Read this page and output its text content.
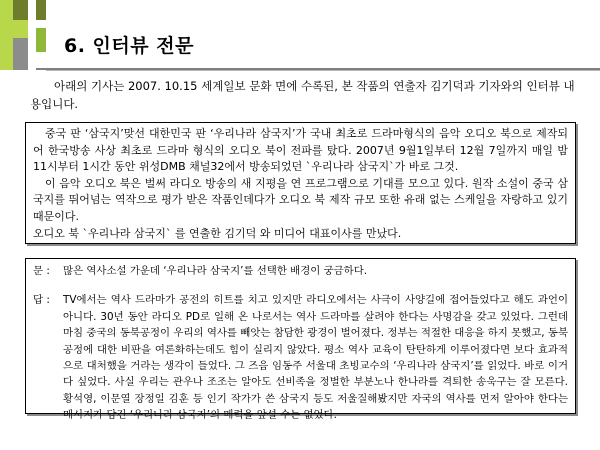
6. 인터뷰 전문
아래의 기사는 2007. 10.15 세계일보 문화 면에 수록된, 본 작품의 연출자 김기덕과 기자와의 인터뷰 내용입니다.

중국 판 ‘삼국지’맞선 대한민국 판 ‘우리나라 삼국지’가 국내 최초로 드라마형식의 음악 오디오 북으로 제작되어 한국방송 사상 최초로 드라마 형식의 오디오 북이 전파를 탔다. 2007년 9월1일부터 12월 7일까지 매일 밤 11시부터 1시간 동안 위성DMB 채널32에서 방송되었던 `우리나라 삼국지`가 바로 그것.

이 음악 오디오 북은 벌써 라디오 방송의 새 지평을 연 프로그램으로 기대를 모으고 있다. 원작 소설이 중국 삼국지를 뛰어넘는 역작으로 평가 받은 작품인데다가 오디오 북 제작 규모 또한 유래 없는 스케일을 자랑하고 있기 때문이다.

오디오 북 `우리나라 삼국지` 를 연출한 김기덕 와 미디어 대표이사를 만났다.

문 :	많은 역사소설 가운데 ‘우리나라 삼국지’를 선택한 배경이 궁금하다.
답 :	TV에서는 역사 드라마가 공전의 히트를 치고 있지만 라디오에서는 사극이 사양길에 접어들었다고 해도 과언이 아니다. 30년 동안 라디오 PD로 일해 온 나로서는 역사 드라마를 살려야 한다는 사명감을 갖고 있었다. 그런데 마침 중국의 동북공정이 우리의 역사를 빼앗는 참담한 광경이 벌어졌다. 정부는 적절한 대응을 하지 못했고, 동북공정에 대한 비판을 여론화하는데도 힘이 실리지 않았다. 평소 역사 교육이 탄탄하게 이루어졌다면 보다 효과적으로 대처했을 거라는 생각이 들었다. 그 즈음 임동주 서울대 초빙교수의 ‘우리나라 삼국지’를 읽었다. 바로 이거다 싶었다. 사실 우리는 관우나 조조는 알아도 선비족을 정벌한 부분노나 한나라를 격퇴한 송욱구는 잘 모른다. 황석영, 이문열 장정일 김훈 등 인기 작가가 쓴 삼국지 등도 저울질해봤지만 자국의 역사를 먼저 알아야 한다는 메시지가 담긴 ‘우리나라 삼국지’의 매력을 앞설 수는 없었다.
